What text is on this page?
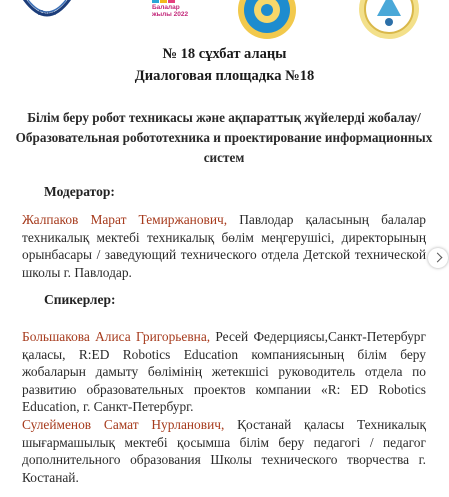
Кванн
Балалар жылы 2022
№ 18 сұхбат алаңы
Диалоговая площадка №18
Білім беру робот техникасы және ақпараттық жүйелерді жобалау/Образовательная робототехника и проектирование информационных систем
Модератор:
Жалпаков Марат Темиржанович, Павлодар қаласының балалар техникалық мектебі техникалық бөлім меңгерушісі, директорының орынбасары / заведующий технического отдела Детской технической школы г. Павлодар.
Спикерлер:
Большакова Алиса Григорьевна, Ресей Федерциясы,Санкт-Петербург қаласы, R:ED Robotics Education компаниясының білім беру жобаларын дамыту бөлімінің жетекшісі руководитель отдела по развитию образовательных проектов компании «R: ED Robotics Education, г. Санкт-Петербург.
Сулейменов Самат Нурланович, Қостанай қаласы Техникалық шығармашылық мектебі қосымша білім беру педагогі / педагог дополнительного образования Школы технического творчества г. Костанай.
